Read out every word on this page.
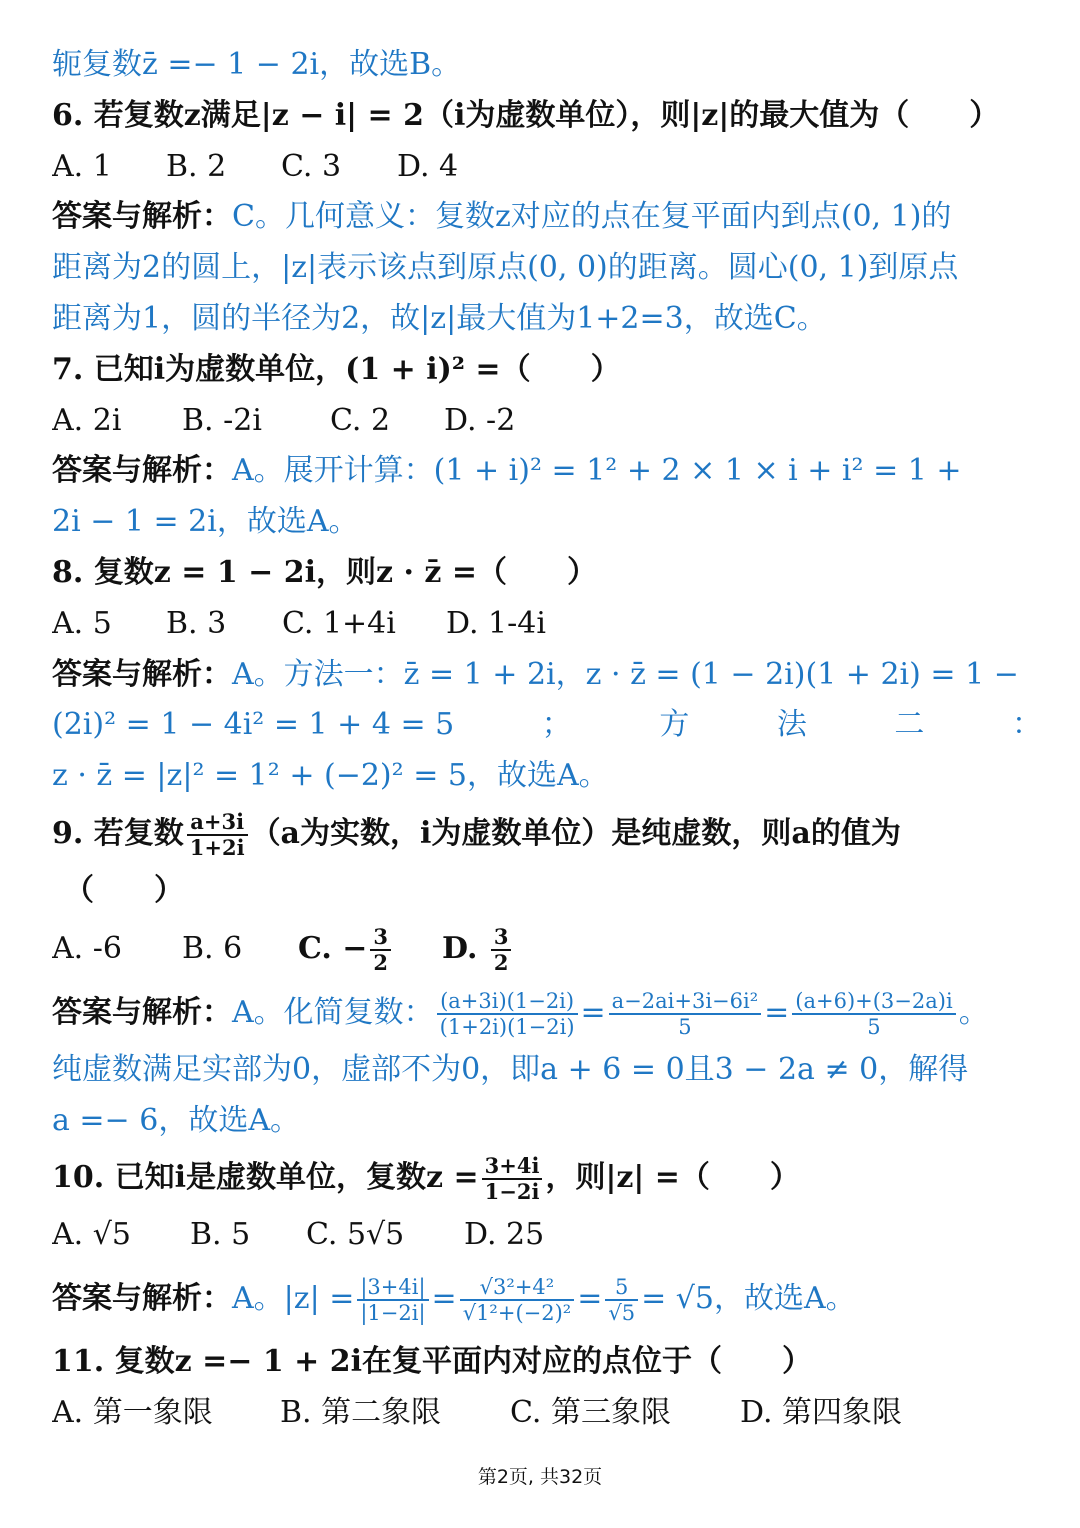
轭复数z̄ =− 1 − 2i，故选B。
6. 若复数z满足|z − i| = 2（i为虚数单位），则|z|的最大值为（　　）
A. 1	B. 2	C. 3	D. 4
答案与解析：C。几何意义：复数z对应的点在复平面内到点(0, 1)的
距离为2的圆上，|z|表示该点到原点(0, 0)的距离。圆心(0, 1)到原点
距离为1，圆的半径为2，故|z|最大值为1+2=3，故选C。
7. 已知i为虚数单位，(1 + i)² =（　　）
A. 2i	B. -2i	C. 2	D. -2
答案与解析：A。展开计算：(1 + i)² = 1² + 2 × 1 × i + i² = 1 +
2i − 1 = 2i，故选A。
8. 复数z = 1 − 2i，则z · z̄ =（　　）
A. 5	B. 3	C. 1+4i	D. 1-4i
答案与解析：A。方法一：z̄ = 1 + 2i，z · z̄ = (1 − 2i)(1 + 2i) = 1 −
(2i)² = 1 − 4i² = 1 + 4 = 5	；	方	法	二	：
z · z̄ = |z|² = 1² + (−2)² = 5，故选A。
9. 若复数 $\frac{a+3i}{1+2i} (a$为实数，i为虚数单位）是纯虚数，则a的值为
（　　）
A. -6	B. 6	C. − $\frac{3}{2} D$. $\frac{3}{2}$
答案与解析：A。化简复数： $\frac{(a+3i)(1-2i)}{(1+2i)(1-2i)} = \frac{\text{a−2ai+3i−6i²}}{5} = \frac{(a+6)+(3-2a)i}{5}$ 。
纯虚数满足实部为0，虚部不为0，即a + 6 = 0且3 − 2a ≠ 0，解得
a =− 6，故选A。
10. 已知i是虚数单位，复数$z = \frac{3+4i}{1-2i}$ ，则|z| =（　　）
A. √5	B. 5	C. 5√5	D. 25
答案与解析：A。$|z| = \frac{|3+4i|}{|1-2i|} = \frac{\text{√3²+4²}}{\text{√1²+(−2)²}} = \frac{5}{√5} = √5$，故选A。
11. 复数z =− 1 + 2i在复平面内对应的点位于（　　）
A. 第一象限	B. 第二象限	C. 第三象限	D. 第四象限
第2页, 共32页
